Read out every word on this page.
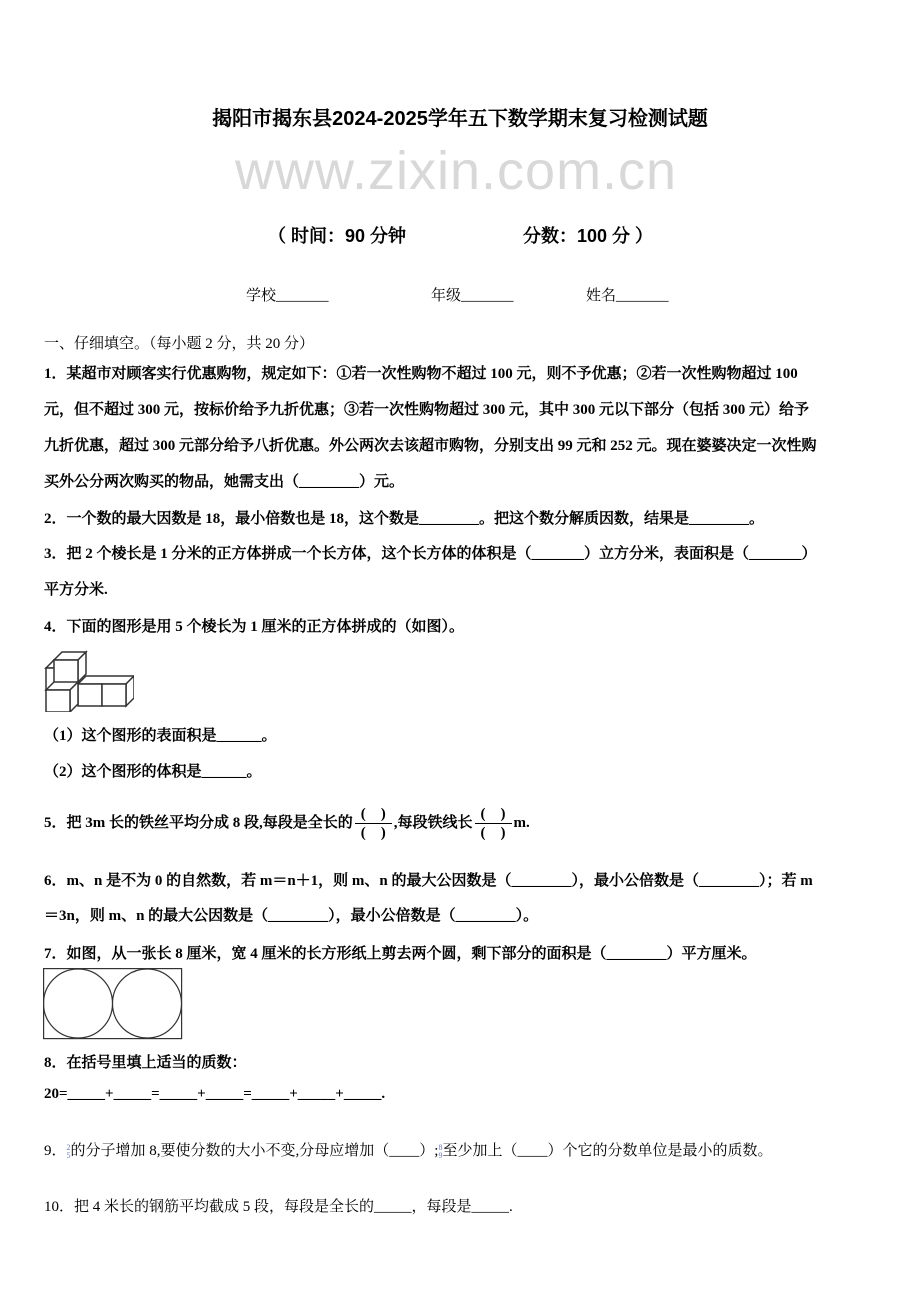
揭阳市揭东县2024-2025学年五下数学期末复习检测试题
www.zixin.com.cn
（ 时间：90 分钟	分数：100 分 ）
学校_______	年级_______	姓名_______
一、仔细填空。（每小题 2 分，共 20 分）
1．某超市对顾客实行优惠购物，规定如下：①若一次性购物不超过 100 元，则不予优惠；②若一次性购物超过 100
元，但不超过 300 元，按标价给予九折优惠；③若一次性购物超过 300 元，其中 300 元以下部分（包括 300 元）给予
九折优惠，超过 300 元部分给予八折优惠。外公两次去该超市购物，分别支出 99 元和 252 元。现在婆婆决定一次性购
买外公分两次购买的物品，她需支出（________）元。
2．一个数的最大因数是 18，最小倍数也是 18，这个数是________。把这个数分解质因数，结果是________。
3．把 2 个棱长是 1 分米的正方体拼成一个长方体，这个长方体的体积是（_______）立方分米，表面积是（_______）
平方分米.
4．下面的图形是用 5 个棱长为 1 厘米的正方体拼成的（如图）。
（1）这个图形的表面积是______。
（2）这个图形的体积是______。
5．把 3m 长的铁丝平均分成 8 段,每段是全长的 $\frac{( )}{( )}$ ,每段铁线长 $\frac{( )}{( )} m$.
6．m、n 是不为 0 的自然数，若 m＝n＋1，则 m、n 的最大公因数是（________），最小公倍数是（________）；若 m
＝3n，则 m、n 的最大公因数是（________），最小公倍数是（________）。
7．如图，从一张长 8 厘米，宽 4 厘米的长方形纸上剪去两个圆，剩下部分的面积是（________）平方厘米。
8．在括号里填上适当的质数：
20=_____+_____=_____+_____=_____+_____+_____.
9． 2
5 的分子增加 8,要使分数的大小不变,分母应增加（____）; 8
9 至少加上（____）个它的分数单位是最小的质数。
10．把 4 米长的钢筋平均截成 5 段，每段是全长的_____，每段是_____.
